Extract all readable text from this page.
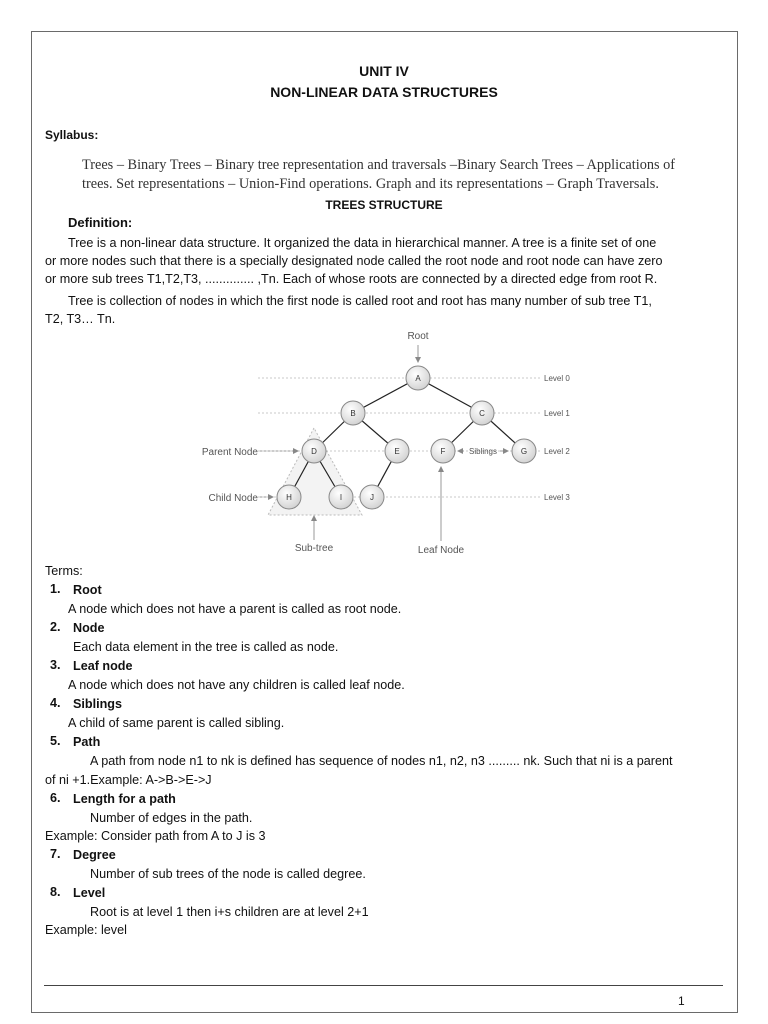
UNIT IV
NON-LINEAR DATA STRUCTURES
Syllabus:
Trees – Binary Trees – Binary tree representation and traversals –Binary Search Trees – Applications of
trees. Set representations – Union-Find operations. Graph and its representations – Graph Traversals.
TREES STRUCTURE
Definition:
Tree is a non-linear data structure. It organized the data in hierarchical manner. A tree is a finite set of one
or more nodes such that there is a specially designated node called the root node and root node can have zero
or more sub trees T1,T2,T3, .............. ,Tn. Each of whose roots are connected by a directed edge from root R.
Tree is collection of nodes in which the first node is called root and root has many number of sub tree T1,
T2, T3… Tn.
A
B	C
D	E	F	G
H	I	J
Root
Parent Node
Child Node
Sub-tree	Leaf Node
Siblings
Level 0
Level 1
Level 2
Level 3
Terms:
1. Root
A node which does not have a parent is called as root node.
2. Node
Each data element in the tree is called as node.
3. Leaf node
A node which does not have any children is called leaf node.
4. Siblings
A child of same parent is called sibling.
5. Path
A path from node n1 to nk is defined has sequence of nodes n1, n2, n3 ......... nk. Such that ni is a parent
of ni +1.Example: A->B->E->J
6. Length for a path
Number of edges in the path.
Example: Consider path from A to J is 3
7. Degree
Number of sub trees of the node is called degree.
8. Level
Root is at level 1 then i+s children are at level 2+1
Example: level
1
